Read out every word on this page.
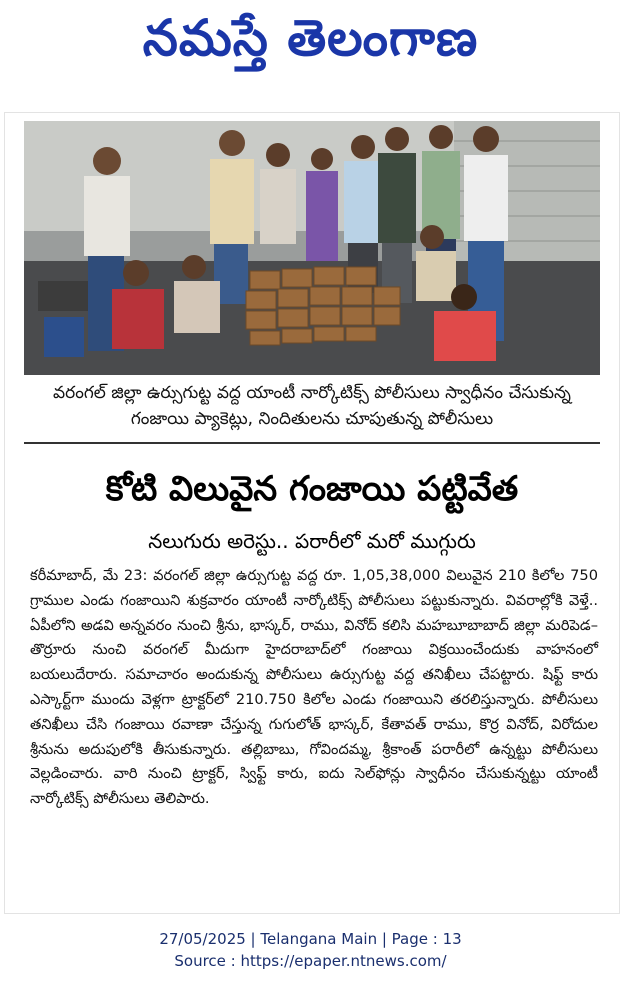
నమస్తే తెలంగాణ
వరంగల్ జిల్లా ఉర్సుగుట్ట వద్ద యాంటీ నార్కోటిక్స్ పోలీసులు స్వాధీనం చేసుకున్న గంజాయి ప్యాకెట్లు, నిందితులను చూపుతున్న పోలీసులు
కోటి విలువైన గంజాయి పట్టివేత
నలుగురు అరెస్టు.. పరారీలో మరో ముగ్గురు
కరీమాబాద్, మే 23: వరంగల్ జిల్లా ఉర్సుగుట్ట వద్ద రూ. 1,05,38,000 విలువైన 210 కిలోల 750 గ్రాముల ఎండు గంజాయిని శుక్రవారం యాంటీ నార్కోటిక్స్ పోలీసులు పట్టుకున్నారు. వివరాల్లోకి వెళ్తే.. ఏపీలోని అడవి అన్నవరం నుంచి శ్రీను, భాస్కర్, రాము, వినోద్ కలిసి మహబూబాబాద్ జిల్లా మరిపెడ–తొర్రూరు నుంచి వరంగల్ మీదుగా హైదరాబాద్‌లో గంజాయి విక్రయించేందుకు వాహనంలో బయలుదేరారు. సమాచారం అందుకున్న పోలీసులు ఉర్సుగుట్ట వద్ద తనిఖీలు చేపట్టారు. షిఫ్ట్ కారు ఎస్కార్ట్‌గా ముందు వెళ్లగా ట్రాక్టర్‌లో 210.750 కిలోల ఎండు గంజాయిని తరలిస్తున్నారు. పోలీసులు తనిఖీలు చేసి గంజాయి రవాణా చేస్తున్న గుగులోత్ భాస్కర్, కేతావత్ రాము, కొర్ర వినోద్, విరోదుల శ్రీనును అదుపులోకి తీసుకున్నారు. తల్లిబాబు, గోవిందమ్మ, శ్రీకాంత్ పరారీలో ఉన్నట్టు పోలీసులు వెల్లడించారు. వారి నుంచి ట్రాక్టర్, స్విఫ్ట్ కారు, ఐదు సెల్‌ఫోన్లు స్వాధీనం చేసుకున్నట్టు యాంటీ నార్కోటిక్స్ పోలీసులు తెలిపారు.
27/05/2025 | Telangana Main | Page : 13
Source : https://epaper.ntnews.com/
